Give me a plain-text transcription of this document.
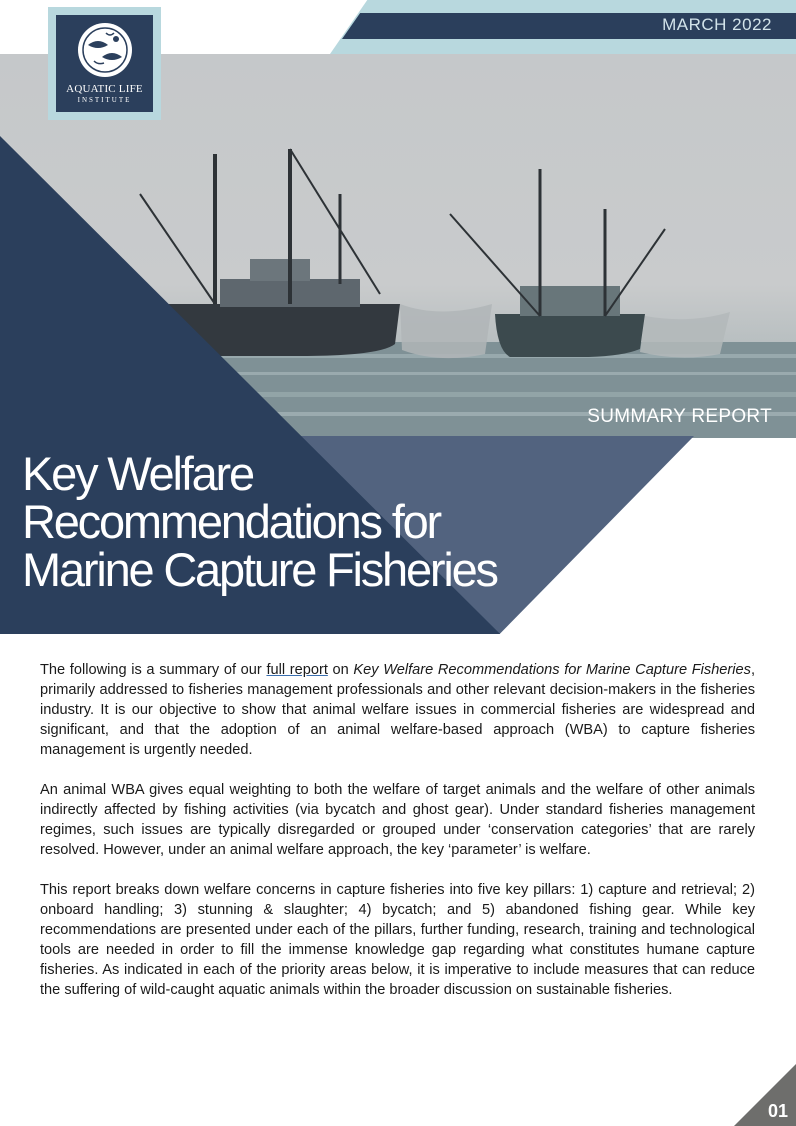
MARCH 2022
SUMMARY REPORT
AQUATIC LIFE
INSTITUTE
Key Welfare
Recommendations for
Marine Capture Fisheries

The following is a summary of our full report on Key Welfare Recommendations for Marine Capture Fisheries, primarily addressed to fisheries management professionals and other relevant decision-makers in the fisheries industry. It is our objective to show that animal welfare issues in commercial fisheries are widespread and significant, and that the adoption of an animal welfare-based approach (WBA) to capture fisheries management is urgently needed.

An animal WBA gives equal weighting to both the welfare of target animals and the welfare of other animals indirectly affected by fishing activities (via bycatch and ghost gear). Under standard fisheries management regimes, such issues are typically disregarded or grouped under ‘conservation categories’ that are rarely resolved. However, under an animal welfare approach, the key ‘parameter’ is welfare.

This report breaks down welfare concerns in capture fisheries into five key pillars: 1) capture and retrieval; 2) onboard handling; 3) stunning & slaughter; 4) bycatch; and 5) abandoned fishing gear. While key recommendations are presented under each of the pillars, further funding, research, training and technological tools are needed in order to fill the immense knowledge gap regarding what constitutes humane capture fisheries. As indicated in each of the priority areas below, it is imperative to include measures that can reduce the suffering of wild-caught aquatic animals within the broader discussion on sustainable fisheries.

01
